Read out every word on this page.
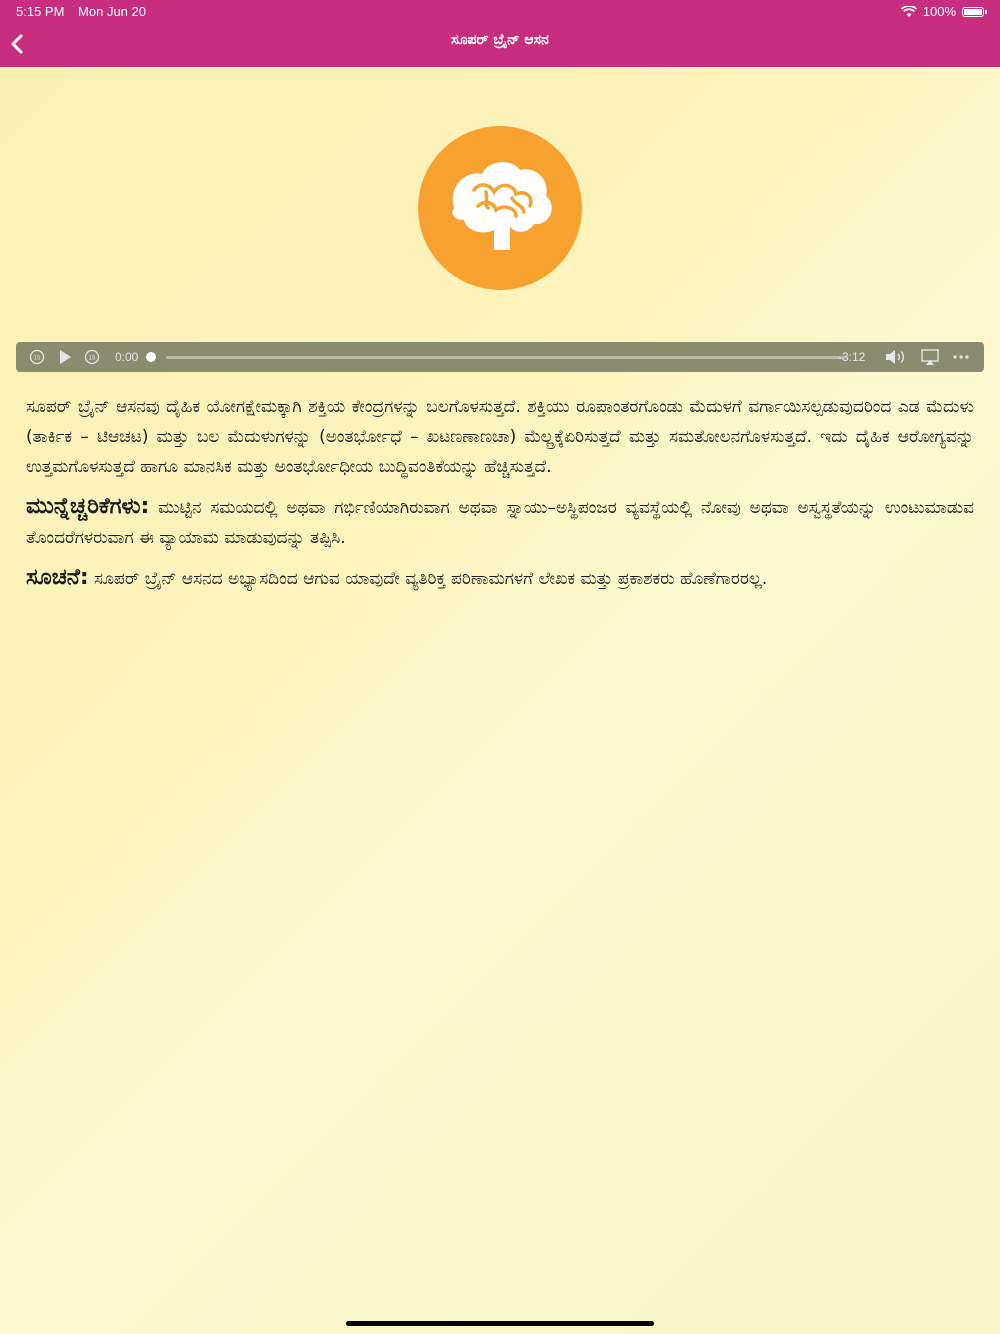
5:15 PM Mon Jun 20	100%
ಸೂಪರ್ ಬ್ರೈನ್ ಆಸನ
15	15 0:00	-3:12

ಸೂಪರ್ ಬ್ರೈನ್ ಆಸನವು ದೈಹಿಕ ಯೋಗಕ್ಷೇಮಕ್ಕಾಗಿ ಶಕ್ತಿಯ ಕೇಂದ್ರಗಳನ್ನು ಬಲಗೊಳಸುತ್ತದೆ. ಶಕ್ತಿಯು ರೂಪಾಂತರಗೊಂಡು ಮೆದುಳಗೆ ವರ್ಗಾಯಿಸಲ್ಪಡುವುದರಿಂದ ಎಡ ಮೆದುಳು (ತಾರ್ಕಿಕ – ಟಿಆಚಟ) ಮತ್ತು ಬಲ ಮೆದುಳುಗಳನ್ನು (ಅಂತರ್ಭೋಧೆ – ಖಟಣಣಾಣಚಾ) ಮೆಲ್ಲ್ರಕ್ಕೆಏರಿಸುತ್ತದೆ ಮತ್ತು ಸಮತೋಲನಗೊಳಸುತ್ತದೆ. ಇದು ದೈಹಿಕ ಆರೋಗ್ಯವನ್ನು ಉತ್ತಮಗೊಳಸುತ್ತದೆ ಹಾಗೂ ಮಾನಸಿಕ ಮತ್ತು ಅಂತರ್ಭೋಧೀಯ ಬುದ್ಧಿವಂತಿಕೆಯನ್ನು ಹೆಚ್ಚಿಸುತ್ತದೆ.

ಮುನ್ನೆಚ್ಚರಿಕೆಗಳು: ಮುಟ್ಟಿನ ಸಮಯದಲ್ಲಿ ಅಥವಾ ಗರ್ಭಿಣಿಯಾಗಿರುವಾಗ ಅಥವಾ ಸ್ನಾಯು–ಅಸ್ಥಿಪಂಜರ ವ್ಯವಸ್ಥೆಯಲ್ಲಿ ನೋವು ಅಥವಾ ಅಸ್ವಸ್ಥತೆಯನ್ನು ಉಂಟುಮಾಡುವ ತೊಂದರೆಗಳರುವಾಗ ಈ ವ್ಯಾಯಾಮ ಮಾಡುವುದನ್ನು ತಪ್ಪಿಸಿ.

ಸೂಚನೆ: ಸೂಪರ್ ಬ್ರೈನ್ ಆಸನದ ಅಭ್ಯಾಸದಿಂದ ಆಗುವ ಯಾವುದೇ ವ್ಯತಿರಿಕ್ತ ಪರಿಣಾಮಗಳಗೆ ಲೇಖಕ ಮತ್ತು ಪ್ರಕಾಶಕರು ಹೊಣೆಗಾರರಲ್ಲ.
